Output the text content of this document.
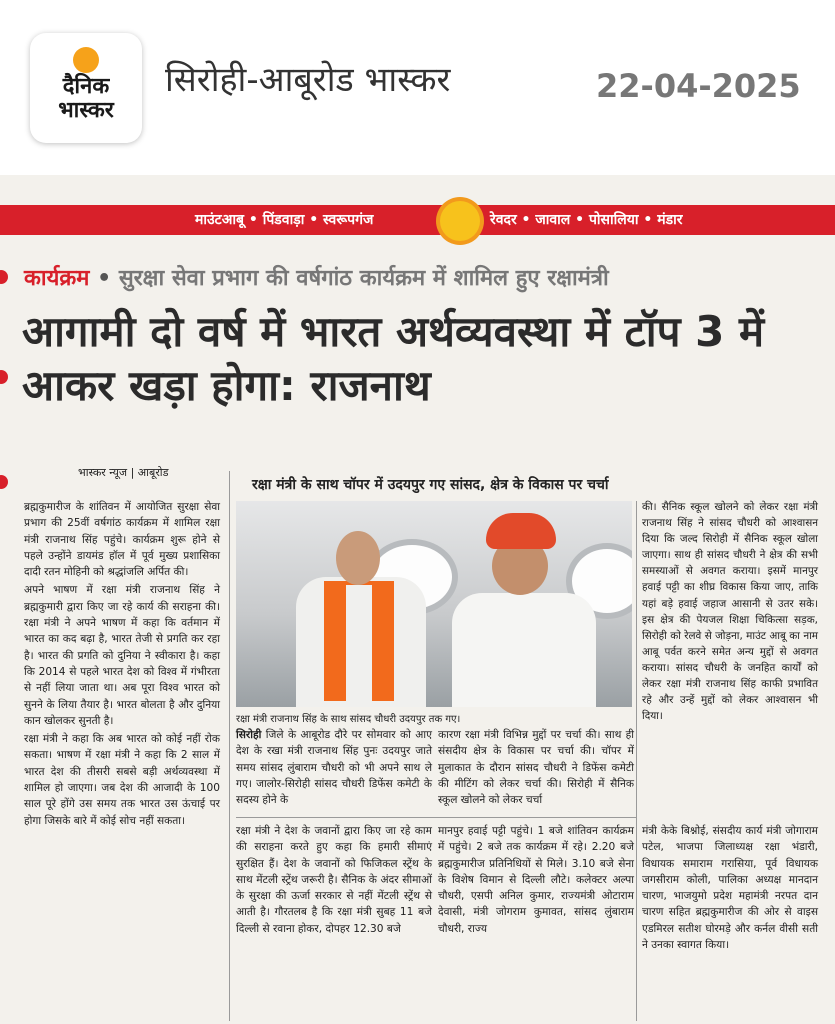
दैनिक
भास्कर
सिरोही-आबूरोड भास्कर	22-04-2025
माउंटआबू • पिंडवाड़ा • स्वरूपगंज	रेवदर • जावाल • पोसालिया • मंडार
कार्यक्रम • सुरक्षा सेवा प्रभाग की वर्षगांठ कार्यक्रम में शामिल हुए रक्षामंत्री
आगामी दो वर्ष में भारत अर्थव्यवस्था में टॉप 3 में आकर खड़ा होगा: राजनाथ
भास्कर न्यूज | आबूरोड

ब्रह्मकुमारीज के शांतिवन में आयोजित सुरक्षा सेवा प्रभाग की 25वीं वर्षगांठ कार्यक्रम में शामिल रक्षा मंत्री राजनाथ सिंह पहुंचे। कार्यक्रम शुरू होने से पहले उन्होंने डायमंड हॉल में पूर्व मुख्य प्रशासिका दादी रतन मोहिनी को श्रद्धांजलि अर्पित की।

अपने भाषण में रक्षा मंत्री राजनाथ सिंह ने ब्रह्मकुमारी द्वारा किए जा रहे कार्य की सराहना की। रक्षा मंत्री ने अपने भाषण में कहा कि वर्तमान में भारत का कद बढ़ा है, भारत तेजी से प्रगति कर रहा है। भारत की प्रगति को दुनिया ने स्वीकारा है। कहा कि 2014 से पहले भारत देश को विश्व में गंभीरता से नहीं लिया जाता था। अब पूरा विश्व भारत को सुनने के लिया तैयार है। भारत बोलता है और दुनिया कान खोलकर सुनती है।

रक्षा मंत्री ने कहा कि अब भारत को कोई नहीं रोक सकता। भाषण में रक्षा मंत्री ने कहा कि 2 साल में भारत देश की तीसरी सबसे बड़ी अर्थव्यवस्था में शामिल हो जाएगा। जब देश की आजादी के 100 साल पूरे होंगे उस समय तक भारत उस ऊंचाई पर होगा जिसके बारे में कोई सोच नहीं सकता।

रक्षा मंत्री के साथ चॉपर में उदयपुर गए सांसद, क्षेत्र के विकास पर चर्चा
रक्षा मंत्री राजनाथ सिंह के साथ सांसद चौधरी उदयपुर तक गए।
की। सैनिक स्कूल खोलने को लेकर रक्षा मंत्री राजनाथ सिंह ने सांसद चौधरी को आश्वासन दिया कि जल्द सिरोही में सैनिक स्कूल खोला जाएगा। साथ ही सांसद चौधरी ने क्षेत्र की सभी समस्याओं से अवगत कराया। इसमें मानपुर हवाई पट्टी का शीघ्र विकास किया जाए, ताकि यहां बड़े हवाई जहाज आसानी से उतर सके। इस क्षेत्र की पेयजल शिक्षा चिकित्सा सड़क, सिरोही को रेलवे से जोड़ना, माउंट आबू का नाम आबू पर्वत करने समेत अन्य मुद्दों से अवगत कराया। सांसद चौधरी के जनहित कार्यों को लेकर रक्षा मंत्री राजनाथ सिंह काफी प्रभावित रहे और उन्हें मुद्दों को लेकर आश्वासन भी दिया।
सिरोही जिले के आबूरोड दौरे पर सोमवार को आए देश के रखा मंत्री राजनाथ सिंह पुनः उदयपुर जाते समय सांसद लुंबाराम चौधरी को भी अपने साथ ले गए। जालोर-सिरोही सांसद चौधरी डिफेंस कमेटी के सदस्य होने के
कारण रक्षा मंत्री विभिन्न मुद्दों पर चर्चा की। साथ ही संसदीय क्षेत्र के विकास पर चर्चा की। चॉपर में मुलाकात के दौरान सांसद चौधरी ने डिफेंस कमेटी की मीटिंग को लेकर चर्चा की। सिरोही में सैनिक स्कूल खोलने को लेकर चर्चा
रक्षा मंत्री ने देश के जवानों द्वारा किए जा रहे काम की सराहना करते हुए कहा कि हमारी सीमाएं सुरक्षित हैं। देश के जवानों को फिजिकल स्ट्रेंथ के साथ मेंटली स्ट्रेंथ जरूरी है। सैनिक के अंदर सीमाओं के सुरक्षा की ऊर्जा सरकार से नहीं मेंटली स्ट्रेंथ से आती है। गौरतलब है कि रक्षा मंत्री सुबह 11 बजे दिल्ली से रवाना होकर, दोपहर 12.30 बजे
मानपुर हवाई पट्टी पहुंचे। 1 बजे शांतिवन कार्यक्रम में पहुंचे। 2 बजे तक कार्यक्रम में रहे। 2.20 बजे ब्रह्मकुमारीज प्रतिनिधियों से मिले। 3.10 बजे सेना के विशेष विमान से दिल्ली लौटे। कलेक्टर अल्पा चौधरी, एसपी अनिल कुमार, राज्यमंत्री ओटाराम देवासी, मंत्री जोगराम कुमावत, सांसद लुंबाराम चौधरी, राज्य
मंत्री केके बिश्नोई, संसदीय कार्य मंत्री जोगाराम पटेल, भाजपा जिलाध्यक्ष रक्षा भंडारी, विधायक समाराम गरासिया, पूर्व विधायक जगसीराम कोली, पालिका अध्यक्ष मानदान चारण, भाजयुमो प्रदेश महामंत्री नरपत दान चारण सहित ब्रह्मकुमारीज की ओर से वाइस एडमिरल सतीश घोरमड़े और कर्नल वीसी सती ने उनका स्वागत किया।
